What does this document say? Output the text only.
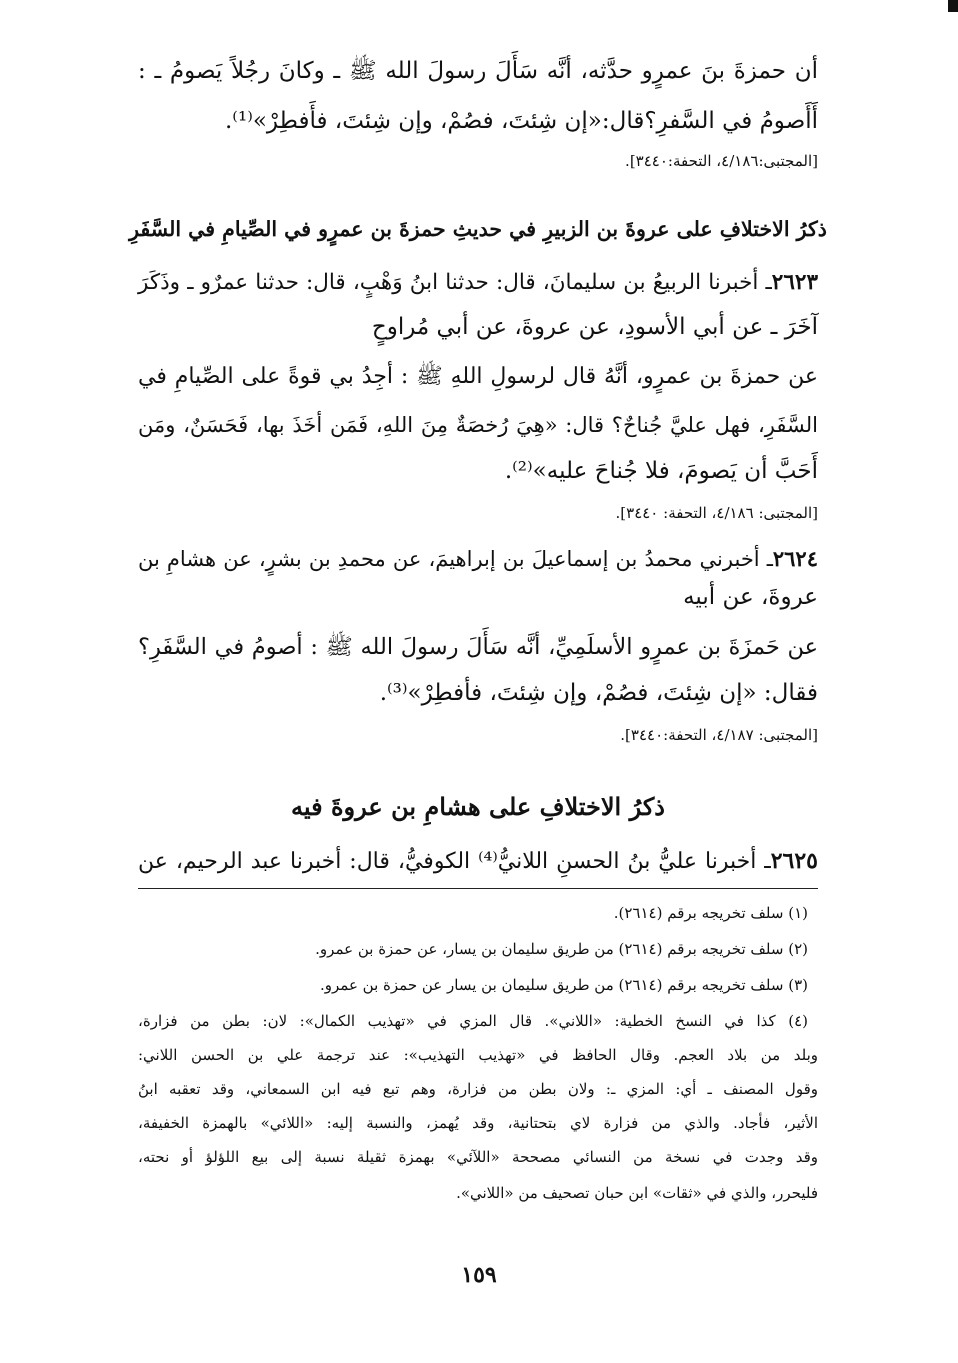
أن حمزةَ بنَ عمرٍو حدَّثه، أنَّه سَأَلَ رسولَ الله ﷺ ـ وكانَ رجُلاً يَصومُ ـ :

أَأَصومُ في السَّفرِ؟قال:«إن شِئتَ، فصُمْ، وإن شِئتَ، فأَفطِرْ»⁽¹⁾.

[المجتبى:٤/١٨٦، التحفة:٣٤٤٠].

ذكرُ الاختلافِ على عروةَ بن الزبيرِ في حديثِ حمزةَ بن عمرٍو في الصِّيامِ في السَّفَرِ

٢٦٢٣ـ أخبرنا الربيعُ بن سليمانَ، قال: حدثنا ابنُ وَهْبٍ، قال: حدثنا عمرٌو ـ وذَكَرَ

آخَرَ ـ عن أبي الأسودِ، عن عروةَ، عن أبي مُراوحٍ

عن حمزةَ بن عمرٍو، أنَّهُ قال لرسولِ اللهِ ﷺ : أجِدُ بي قوةً على الصِّيامِ في

السَّفَرِ، فهل عليَّ جُناحٌ؟ قال: «هِيَ رُخصَةٌ مِنَ اللهِ، فَمَن أخَذَ بها، فَحَسَنٌ، ومَن

أَحَبَّ أن يَصومَ، فلا جُناحَ عليه»⁽²⁾.

[المجتبى: ٤/١٨٦، التحفة: ٣٤٤٠].

٢٦٢٤ـ أخبرني محمدُ بن إسماعيلَ بن إبراهيمَ، عن محمدِ بن بشرٍ، عن هشامِ بن

عروةَ، عن أبيه

عن حَمزَةَ بن عمرٍو الأسلَمِيِّ، أنَّه سَأَلَ رسولَ الله ﷺ : أصومُ في السَّفَرِ؟

فقال: «إن شِئتَ، فصُمْ، وإن شِئتَ، فأفطِرْ»⁽³⁾.

[المجتبى: ٤/١٨٧، التحفة:٣٤٤٠].

ذكرُ الاختلافِ على هشامِ بن عروةَ فيه

٢٦٢٥ـ أخبرنا عليُّ بنُ الحسنِ اللانيُّ⁽⁴⁾ الكوفيُّ، قال: أخبرنا عبد الرحيم، عن

(١) سلف تخريجه برقم (٢٦١٤).

(٢) سلف تخريجه برقم (٢٦١٤) من طريق سليمان بن يسار، عن حمزة بن عمرو.

(٣) سلف تخريجه برقم (٢٦١٤) من طريق سليمان بن يسار عن حمزة بن عمرو.

(٤) كذا في النسخ الخطية: «اللاني». قال المزي في «تهذيب الكمال»: لان: بطن من فزارة،

وبلد من بلاد العجم. وقال الحافظ في «تهذيب التهذيب»: عند ترجمة علي بن الحسن اللاني:

وقول المصنف ـ أي: المزي ـ: ولان بطن من فزارة، وهم تبع فيه ابن السمعاني، وقد تعقبه ابنُ

الأثير، فأجاد. والذي من فزارة لاي بتحتانية، وقد يُهمز، والنسبة إليه: «اللائي» بالهمزة الخفيفة،

وقد وجدت في نسخة من النسائي مصححة «اللآئي» بهمزة ثقيلة نسبة إلى بيع اللؤلؤ أو نحته،

فليحرر، والذي في «ثقات» ابن حبان تصحيف من «اللاني».

١٥٩
